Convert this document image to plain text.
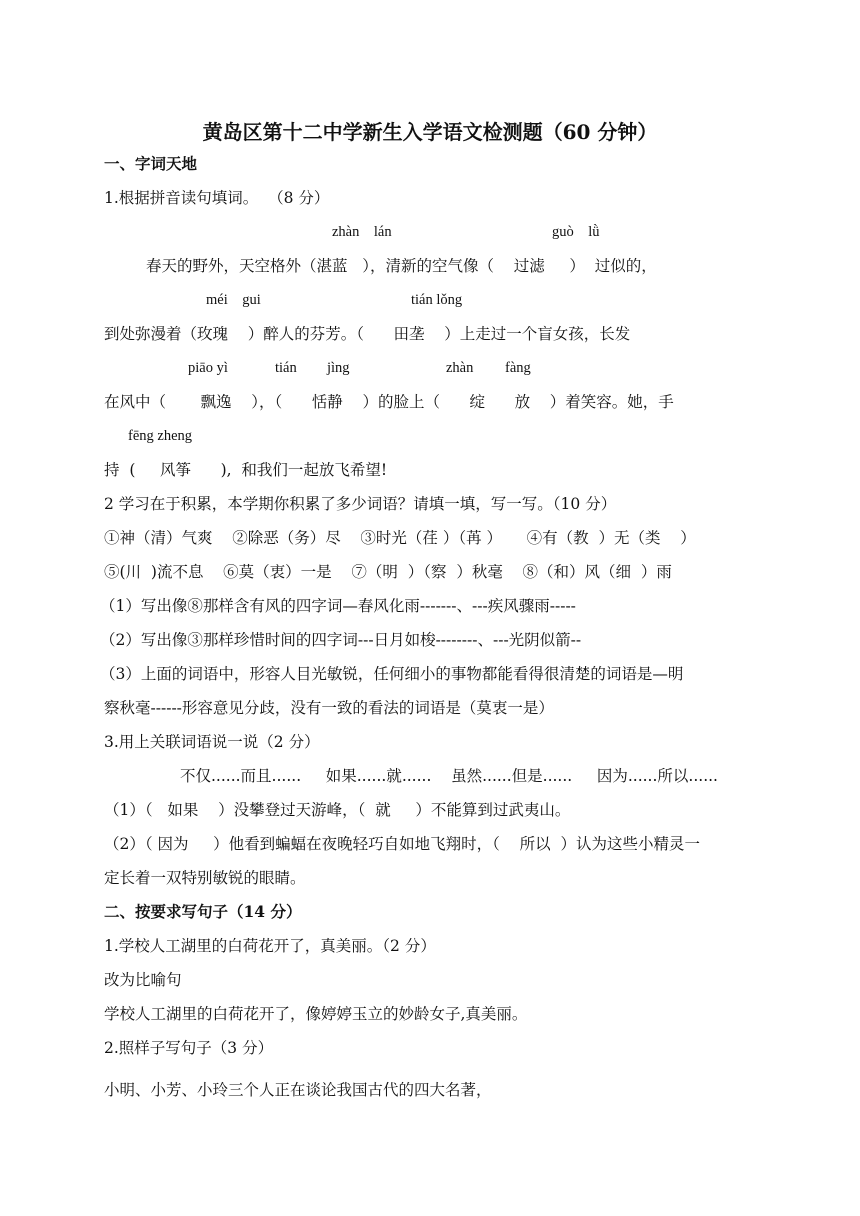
黄岛区第十二中学新生入学语文检测题（60 分钟）
一、字词天地
1.根据拼音读句填词。  （8 分）
zhàn    lán	guò    lǜ
春天的野外，天空格外（湛蓝   ），清新的空气像（    过滤     ）  过似的，
méi    gui	tián lǒng
到处弥漫着（玫瑰    ）醉人的芬芳。（      田垄    ）上走过一个盲女孩，长发
piāo yì	tián jìng	zhàn fàng
在风中（       飘逸    ），（      恬静    ）的脸上（      绽      放    ）着笑容。她，手
fēng zheng
持  (     风筝      ),  和我们一起放飞希望!
2 学习在于积累，本学期你积累了多少词语？请填一填，写一写。（10 分）
①神（清）气爽    ②除恶（务）尽    ③时光（荏 ）（苒 ）     ④有（教  ）无（类    ）
⑤(川  )流不息    ⑥莫（衷）一是    ⑦（明  ）（察  ）秋毫    ⑧（和）风（细  ）雨
（1）写出像⑧那样含有风的四字词—春风化雨-------、---疾风骤雨-----
（2）写出像③那样珍惜时间的四字词---日月如梭--------、---光阴似箭--
（3）上面的词语中，形容人目光敏锐，任何细小的事物都能看得很清楚的词语是—明
察秋毫------形容意见分歧，没有一致的看法的词语是（莫衷一是）
3.用上关联词语说一说（2 分）
不仅......而且......     如果......就......    虽然......但是......     因为......所以......
（1）（   如果    ）没攀登过天游峰，（  就     ）不能算到过武夷山。
（2）（ 因为     ）他看到蝙蝠在夜晚轻巧自如地飞翔时，（    所以  ）认为这些小精灵一
定长着一双特别敏锐的眼睛。
二、按要求写句子（14 分）
1.学校人工湖里的白荷花开了，真美丽。（2 分）
改为比喻句
学校人工湖里的白荷花开了，像婷婷玉立的妙龄女子,真美丽。
2.照样子写句子（3 分）
小明、小芳、小玲三个人正在谈论我国古代的四大名著，
